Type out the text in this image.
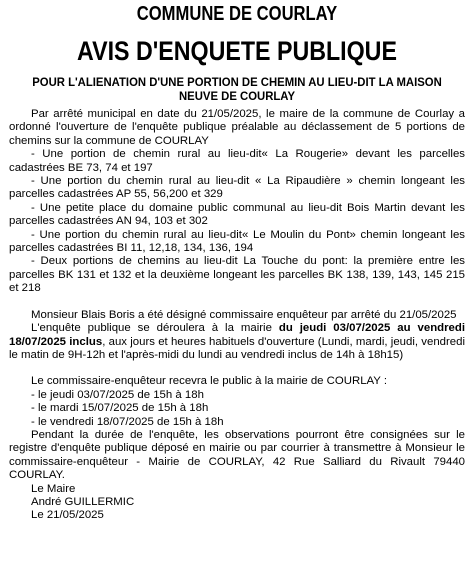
COMMUNE DE COURLAY
AVIS D'ENQUETE PUBLIQUE
POUR L'ALIENATION D'UNE PORTION DE CHEMIN AU LIEU-DIT LA MAISON
NEUVE DE COURLAY

Par arrêté municipal en date du 21/05/2025, le maire de la commune de Courlay a ordonné l'ouverture de l'enquête publique préalable au déclassement de 5 portions de chemins sur la commune de COURLAY

- Une portion de chemin rural au lieu-dit« La Rougerie» devant les parcelles cadastrées BE 73, 74 et 197

- Une portion du chemin rural au lieu-dit « La Ripaudière » chemin longeant les parcelles cadastrées AP 55, 56,200 et 329

- Une petite place du domaine public communal au lieu-dit Bois Martin devant les parcelles cadastrées AN 94, 103 et 302

- Une portion du chemin rural au lieu-dit« Le Moulin du Pont» chemin longeant les parcelles cadastrées BI 11, 12,18, 134, 136, 194

- Deux portions de chemins au lieu-dit La Touche du pont: la première entre les parcelles BK 131 et 132 et la deuxième longeant les parcelles BK 138, 139, 143, 145 215 et 218

Monsieur Blais Boris a été désigné commissaire enquêteur par arrêté du 21/05/2025

L'enquête publique se déroulera à la mairie du jeudi 03/07/2025 au vendredi 18/07/2025 inclus, aux jours et heures habituels d'ouverture (Lundi, mardi, jeudi, vendredi le matin de 9H-12h et l'après-midi du lundi au vendredi inclus de 14h à 18h15)

Le commissaire-enquêteur recevra le public à la mairie de COURLAY :

- le jeudi 03/07/2025 de 15h à 18h

- le mardi 15/07/2025 de 15h à 18h

- le vendredi 18/07/2025 de 15h à 18h

Pendant la durée de l'enquête, les observations pourront être consignées sur le registre d'enquête publique déposé en mairie ou par courrier à transmettre à Monsieur le commissaire-enquêteur - Mairie de COURLAY, 42 Rue Salliard du Rivault 79440 COURLAY.

Le Maire

André GUILLERMIC

Le 21/05/2025
